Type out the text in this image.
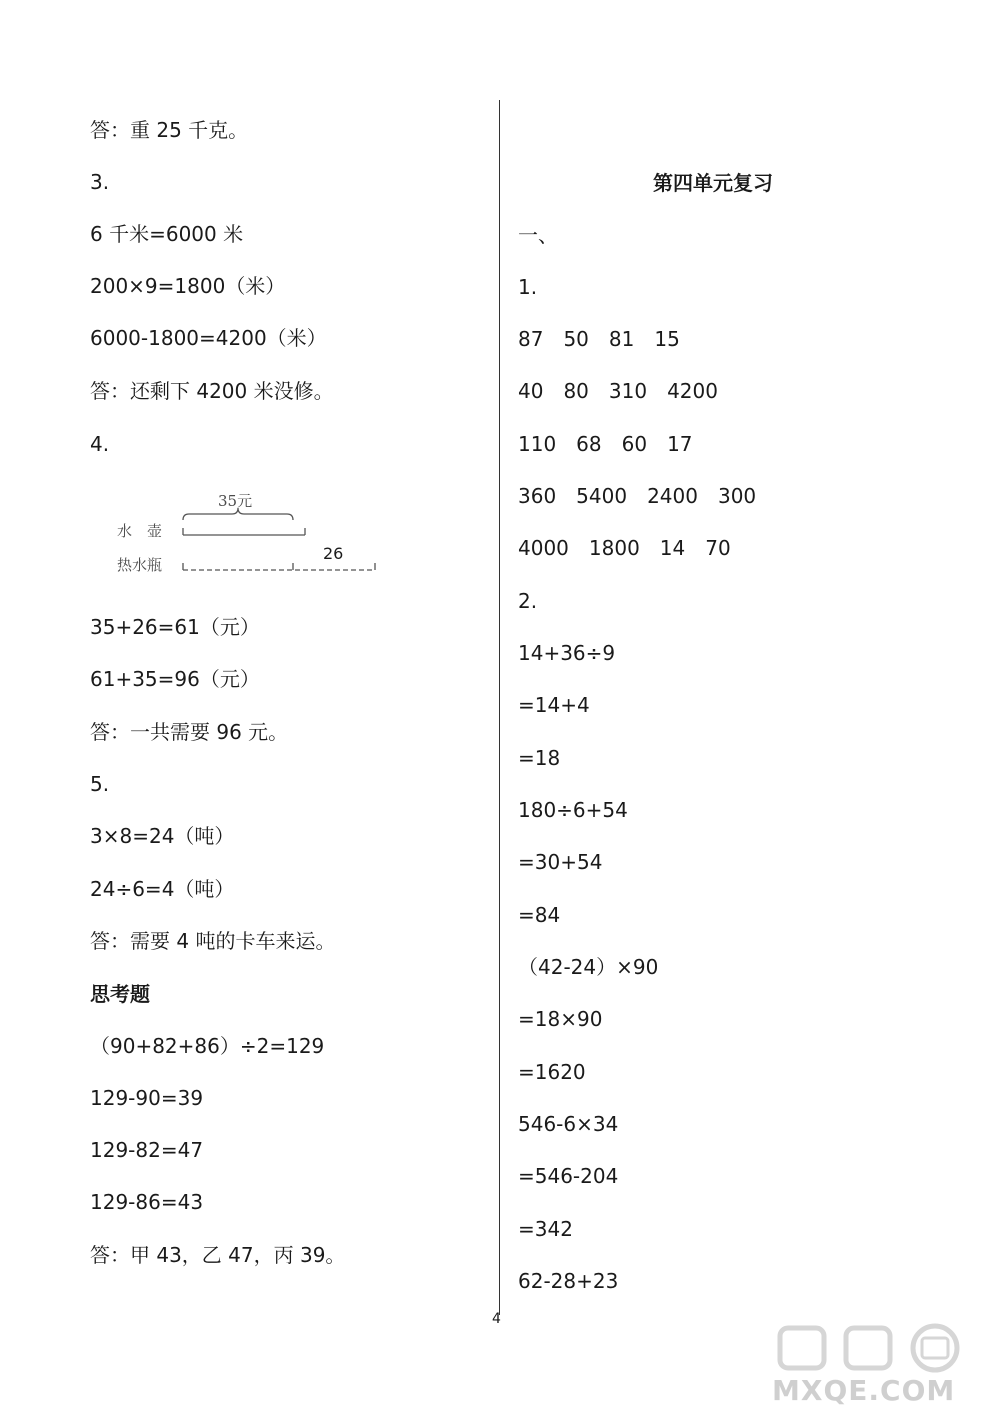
答：重 25 千克。
3.
6 千米=6000 米
200×9=1800（米）
6000-1800=4200（米）
答：还剩下 4200 米没修。
4.
35元
水　壶
26
热水瓶
35+26=61（元）
61+35=96（元）
答：一共需要 96 元。
5.
3×8=24（吨）
24÷6=4（吨）
答：需要 4 吨的卡车来运。
思考题
（90+82+86）÷2=129
129-90=39
129-82=47
129-86=43
答：甲 43，乙 47，丙 39。
第四单元复习
一、
1.
87　50　81　15
40　80　310　4200
110　68　60　17
360　5400　2400　300
4000　1800　14　70
2.
14+36÷9
=14+4
=18
180÷6+54
=30+54
=84
（42-24）×90
=18×90
=1620
546-6×34
=546-204
=342
62-28+23
4
MXQE.COM
